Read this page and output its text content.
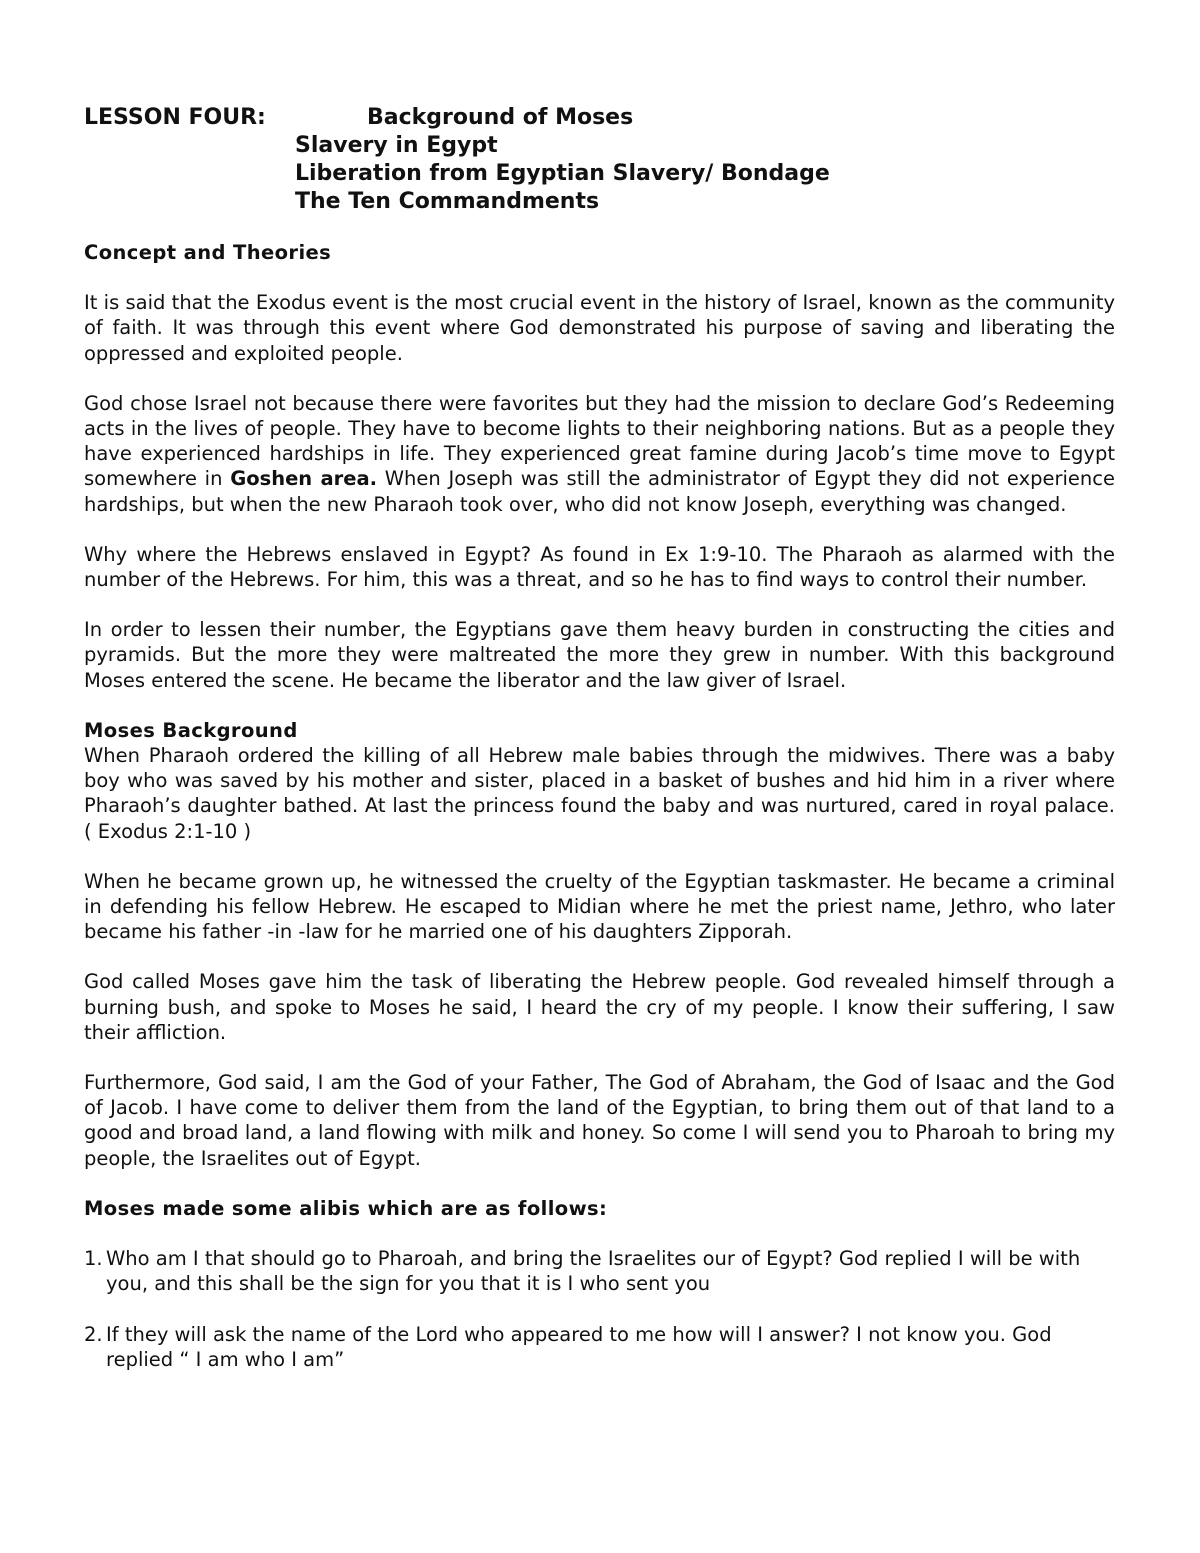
LESSON FOUR:	Background of Moses
Slavery in Egypt
Liberation from Egyptian Slavery/ Bondage
The Ten Commandments
Concept and Theories

It is said that the Exodus event is the most crucial event in the history of Israel, known as the community of faith. It was through this event where God demonstrated his purpose of saving and liberating the oppressed and exploited people.

God chose Israel not because there were favorites but they had the mission to declare God’s Redeeming acts in the lives of people. They have to become lights to their neighboring nations. But as a people they have experienced hardships in life. They experienced great famine during Jacob’s time move to Egypt somewhere in Goshen area. When Joseph was still the administrator of Egypt they did not experience hardships, but when the new Pharaoh took over, who did not know Joseph, everything was changed.

Why where the Hebrews enslaved in Egypt? As found in Ex 1:9-10. The Pharaoh as alarmed with the number of the Hebrews. For him, this was a threat, and so he has to find ways to control their number.

In order to lessen their number, the Egyptians gave them heavy burden in constructing the cities and pyramids. But the more they were maltreated the more they grew in number. With this background Moses entered the scene. He became the liberator and the law giver of Israel.

Moses Background

When Pharaoh ordered the killing of all Hebrew male babies through the midwives. There was a baby boy who was saved by his mother and sister, placed in a basket of bushes and hid him in a river where Pharaoh’s daughter bathed. At last the princess found the baby and was nurtured, cared in royal palace. ( Exodus 2:1-10 )

When he became grown up, he witnessed the cruelty of the Egyptian taskmaster. He became a criminal in defending his fellow Hebrew. He escaped to Midian where he met the priest name, Jethro, who later became his father -in -law for he married one of his daughters Zipporah.

God called Moses gave him the task of liberating the Hebrew people. God revealed himself through a burning bush, and spoke to Moses he said, I heard the cry of my people. I know their suffering, I saw their affliction.

Furthermore, God said, I am the God of your Father, The God of Abraham, the God of Isaac and the God of Jacob. I have come to deliver them from the land of the Egyptian, to bring them out of that land to a good and broad land, a land flowing with milk and honey. So come I will send you to Pharoah to bring my people, the Israelites out of Egypt.

Moses made some alibis which are as follows:
1. Who am I that should go to Pharoah, and bring the Israelites our of Egypt? God replied I will be with you, and this shall be the sign for you that it is I who sent you
2. If they will ask the name of the Lord who appeared to me how will I answer? I not know you. God replied “ I am who I am”
